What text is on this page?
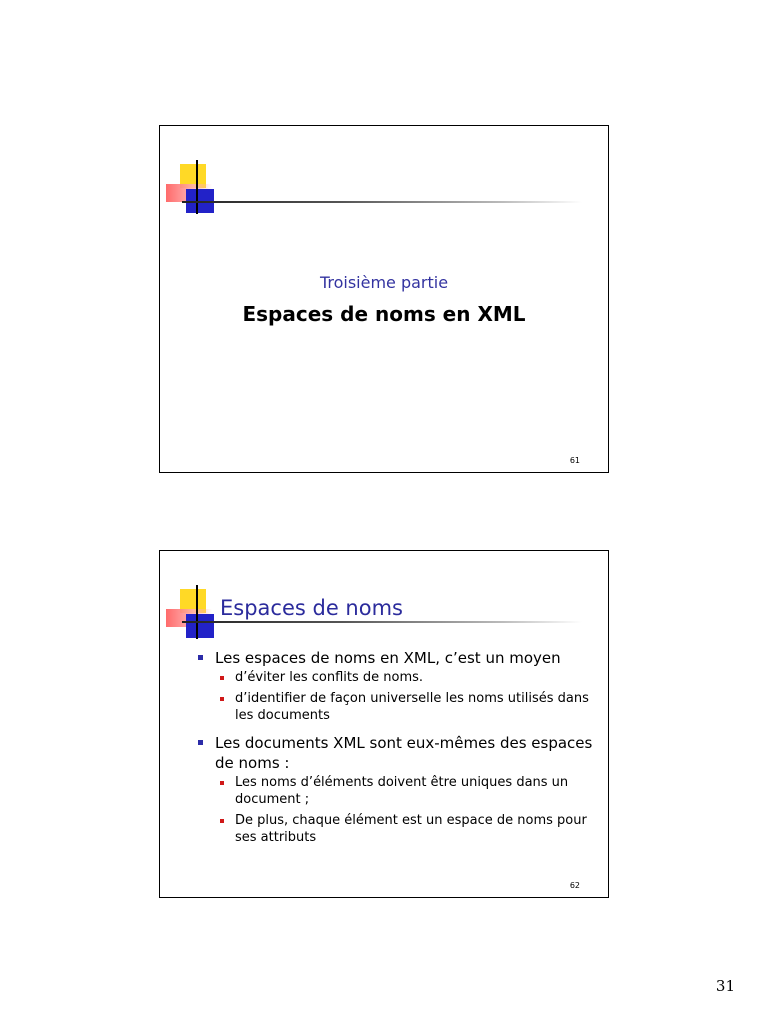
Troisième partie
Espaces de noms en XML
61
Espaces de noms
Les espaces de noms en XML, c’est un moyen
d’éviter les conflits de noms.
d’identifier de façon universelle les noms utilisés dans les documents
Les documents XML sont eux-mêmes des espaces de noms :
Les noms d’éléments doivent être uniques dans un document ;
De plus, chaque élément est un espace de noms pour ses attributs
62
31
